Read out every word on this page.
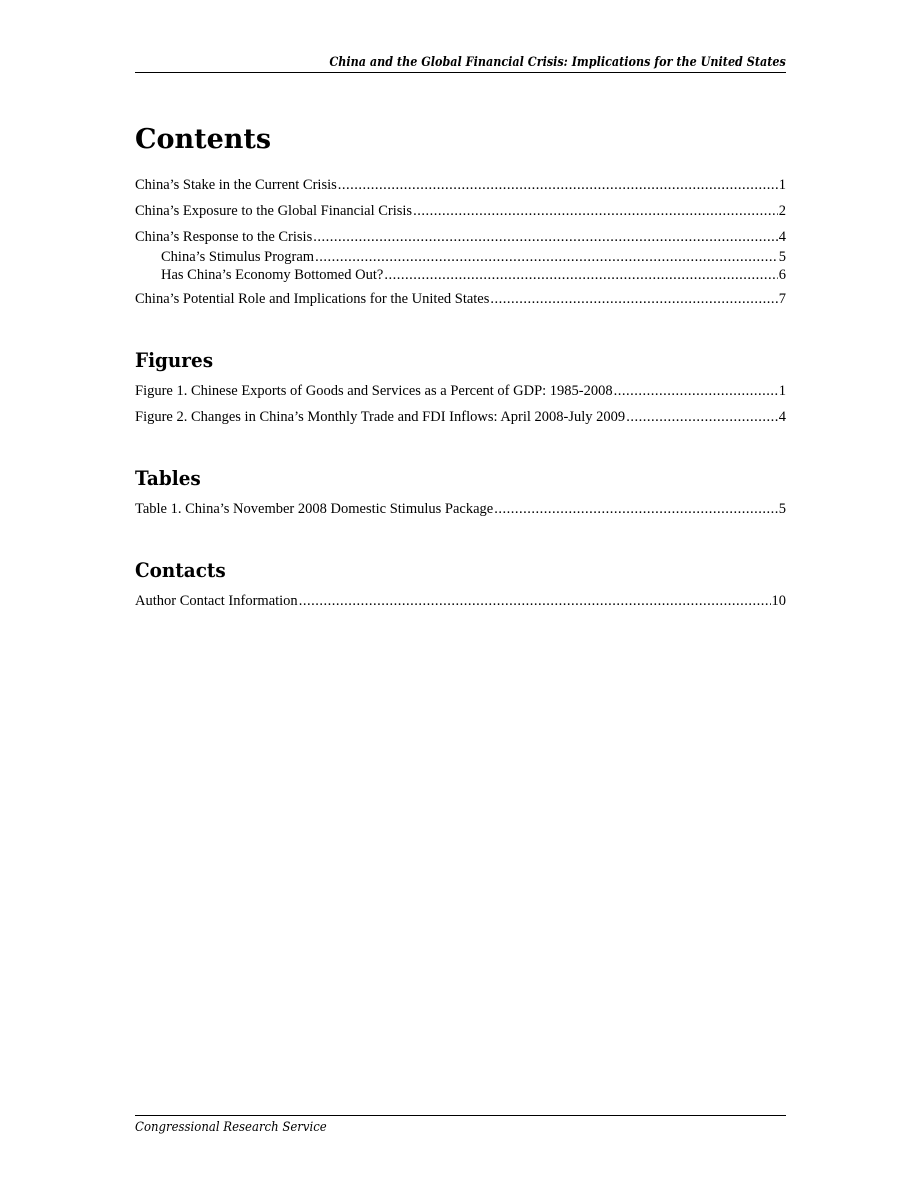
China and the Global Financial Crisis: Implications for the United States
Contents
China’s Stake in the Current Crisis .....	1
China’s Exposure to the Global Financial Crisis .....	2
China’s Response to the Crisis .....	4
China’s Stimulus Program .....	5
Has China’s Economy Bottomed Out? .....	6
China’s Potential Role and Implications for the United States .....	7
Figures
Figure 1. Chinese Exports of Goods and Services as a Percent of GDP: 1985-2008 .....	1
Figure 2. Changes in China’s Monthly Trade and FDI Inflows: April 2008-July 2009 .....	4
Tables
Table 1. China’s November 2008 Domestic Stimulus Package .....	5
Contacts
Author Contact Information .....	10
Congressional Research Service
